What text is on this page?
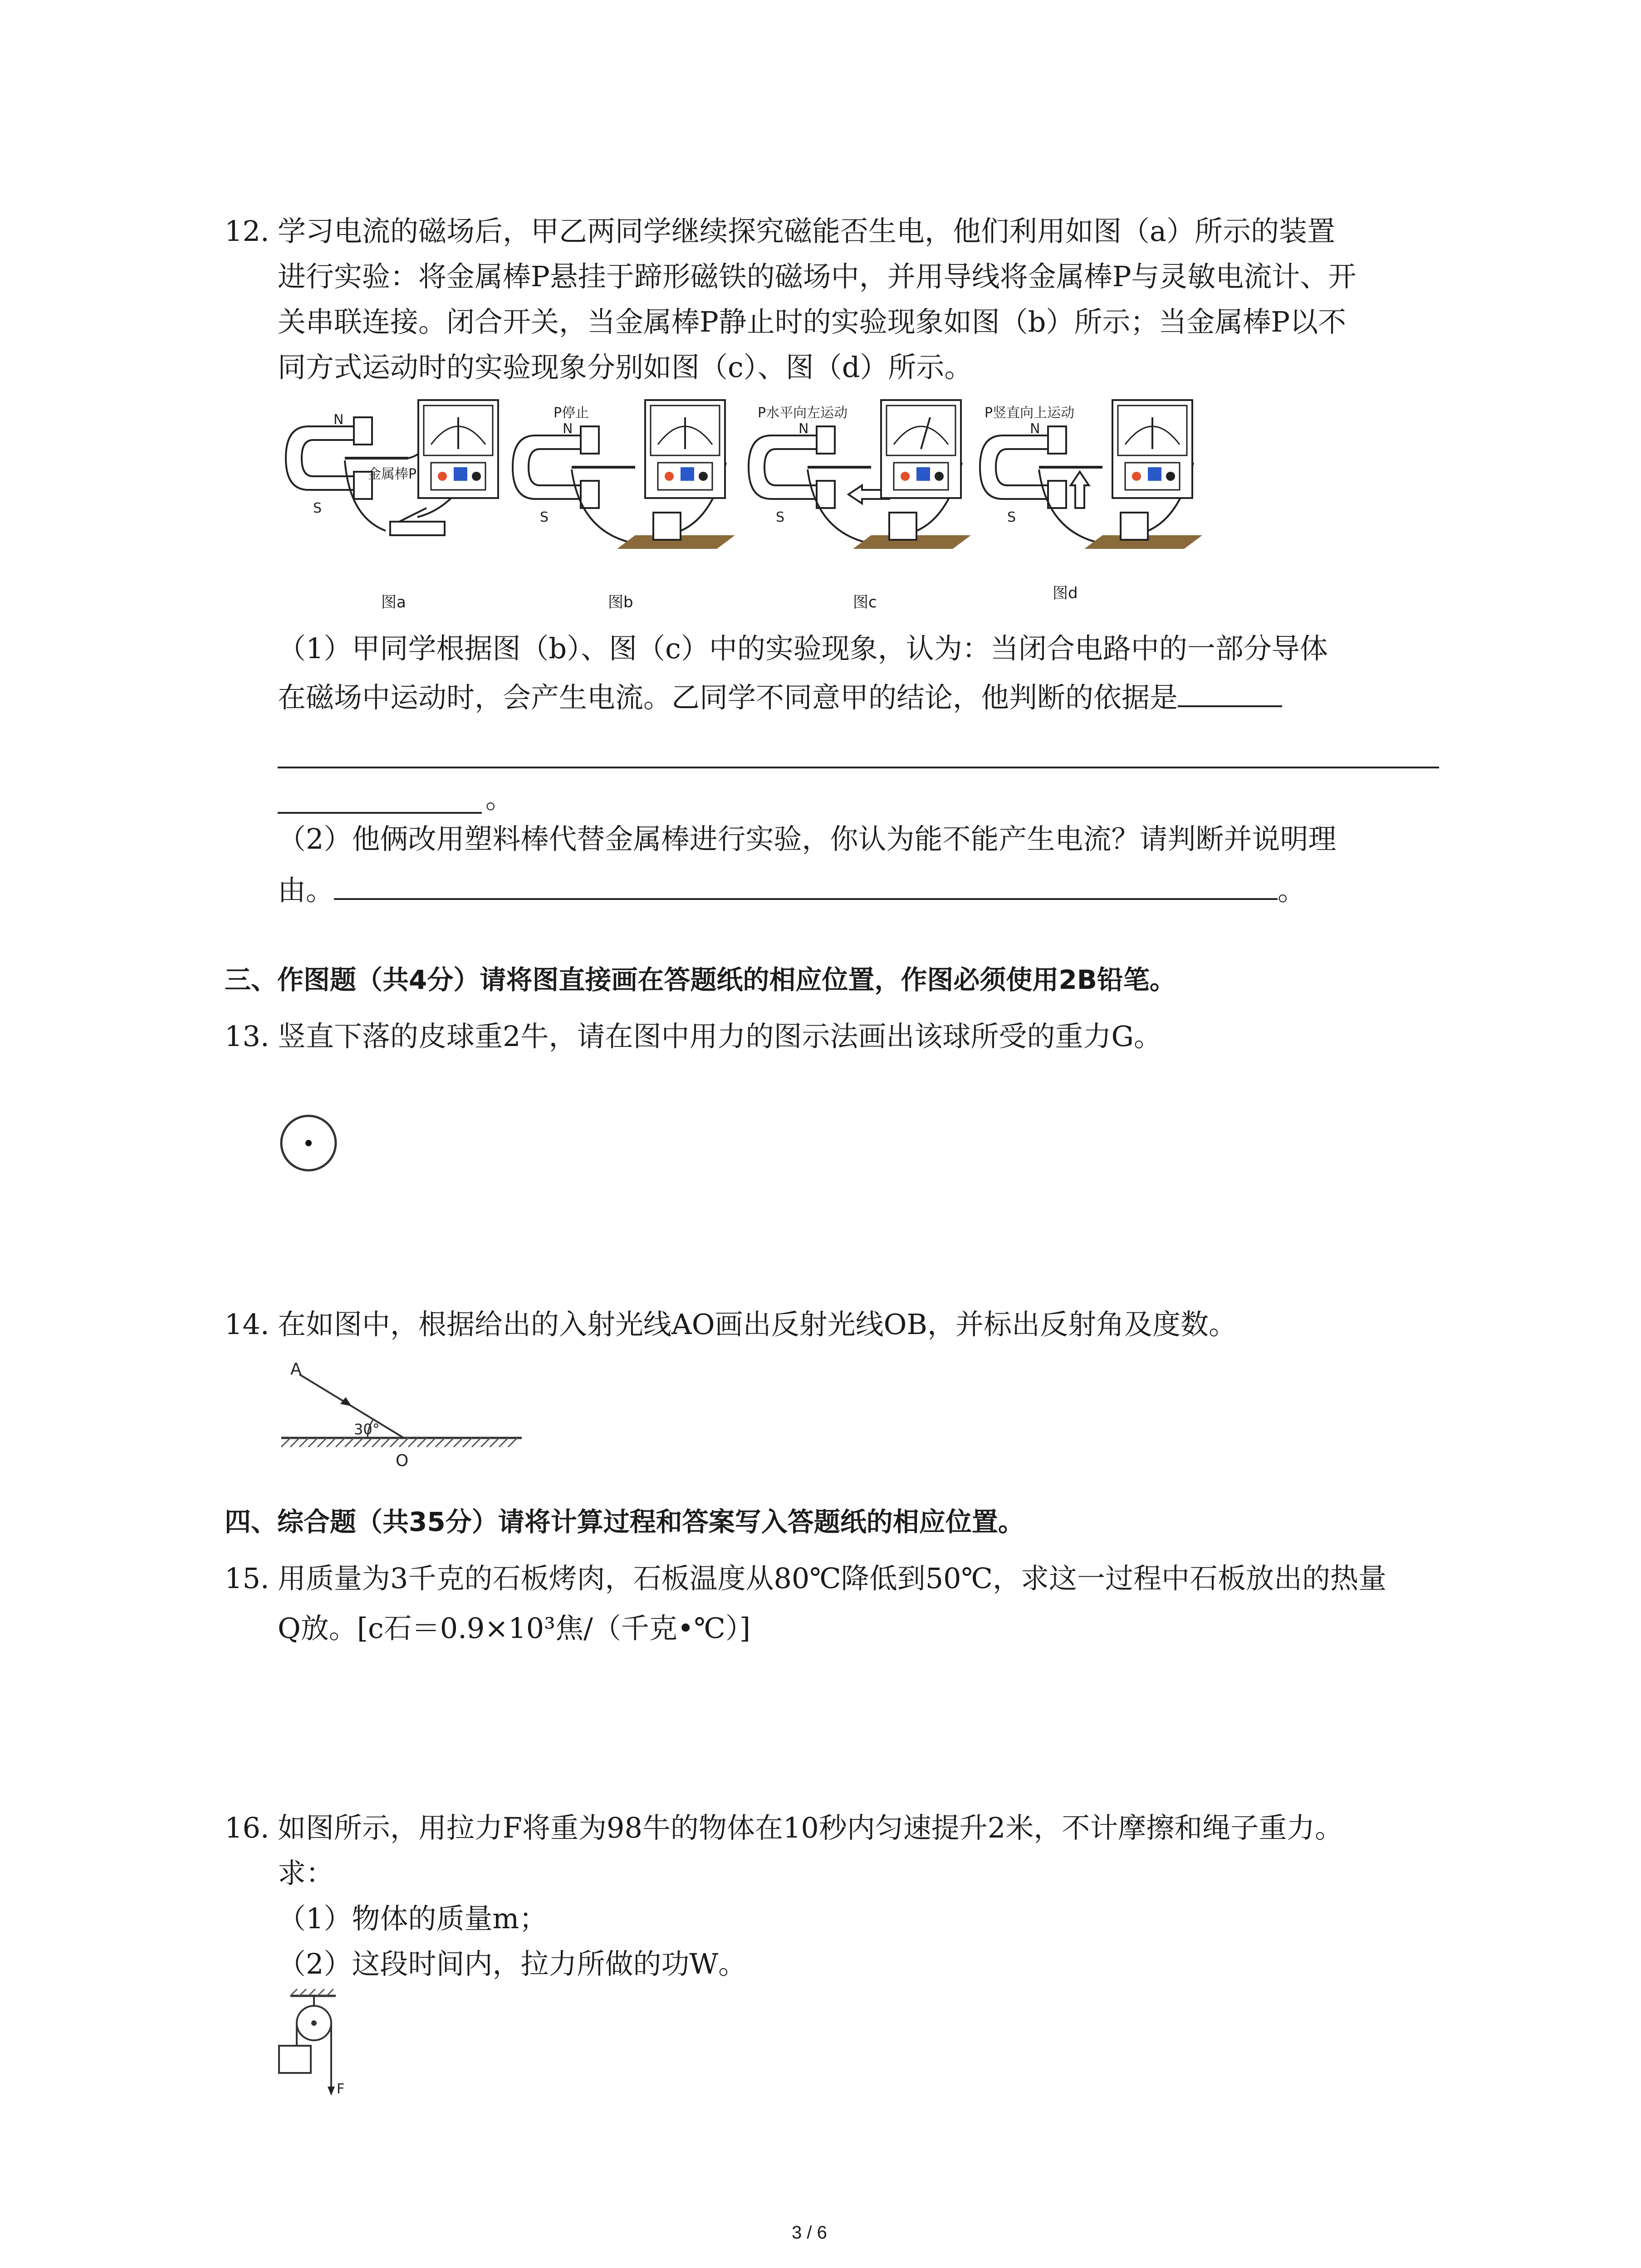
12. 学习电流的磁场后，甲乙两同学继续探究磁能否生电，他们利用如图（a）所示的装置
进行实验：将金属棒P悬挂于蹄形磁铁的磁场中，并用导线将金属棒P与灵敏电流计、开
关串联连接。闭合开关，当金属棒P静止时的实验现象如图（b）所示；当金属棒P以不
同方式运动时的实验现象分别如图（c）、图（d）所示。
N
S
金属棒P
图a
P停止
N
S
图b
P水平向左运动
N
S
图c
P竖直向上运动
N
S
图d
（1）甲同学根据图（b）、图（c）中的实验现象，认为：当闭合电路中的一部分导体
在磁场中运动时，会产生电流。乙同学不同意甲的结论，他判断的依据是
。
（2）他俩改用塑料棒代替金属棒进行实验，你认为能不能产生电流？请判断并说明理
由。	。
三、作图题（共4分）请将图直接画在答题纸的相应位置，作图必须使用2B铅笔。
13. 竖直下落的皮球重2牛，请在图中用力的图示法画出该球所受的重力G。
14. 在如图中，根据给出的入射光线AO画出反射光线OB，并标出反射角及度数。
A
30°
O
四、综合题（共35分）请将计算过程和答案写入答题纸的相应位置。
15. 用质量为3千克的石板烤肉，石板温度从80℃降低到50℃，求这一过程中石板放出的热量
Q放。[c石＝0.9×10³焦/（千克•℃）]
16. 如图所示，用拉力F将重为98牛的物体在10秒内匀速提升2米，不计摩擦和绳子重力。
求：
（1）物体的质量m；
（2）这段时间内，拉力所做的功W。
F
3 / 6
